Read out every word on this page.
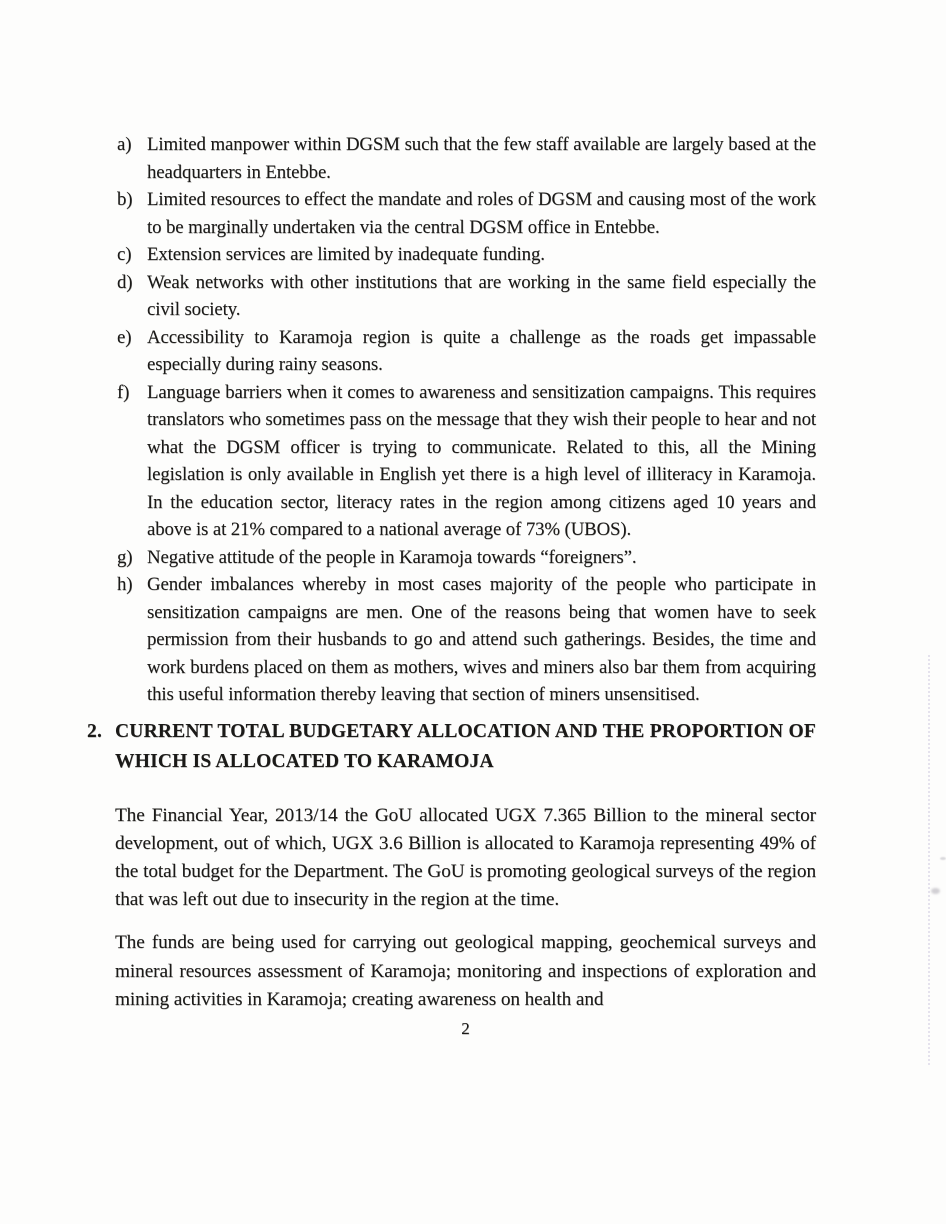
a) Limited manpower within DGSM such that the few staff available are largely based at the headquarters in Entebbe.
b) Limited resources to effect the mandate and roles of DGSM and causing most of the work to be marginally undertaken via the central DGSM office in Entebbe.
c) Extension services are limited by inadequate funding.
d) Weak networks with other institutions that are working in the same field especially the civil society.
e) Accessibility to Karamoja region is quite a challenge as the roads get impassable especially during rainy seasons.
f) Language barriers when it comes to awareness and sensitization campaigns. This requires translators who sometimes pass on the message that they wish their people to hear and not what the DGSM officer is trying to communicate. Related to this, all the Mining legislation is only available in English yet there is a high level of illiteracy in Karamoja. In the education sector, literacy rates in the region among citizens aged 10 years and above is at 21% compared to a national average of 73% (UBOS).
g) Negative attitude of the people in Karamoja towards “foreigners”.
h) Gender imbalances whereby in most cases majority of the people who participate in sensitization campaigns are men. One of the reasons being that women have to seek permission from their husbands to go and attend such gatherings. Besides, the time and work burdens placed on them as mothers, wives and miners also bar them from acquiring this useful information thereby leaving that section of miners unsensitised.
2. CURRENT TOTAL BUDGETARY ALLOCATION AND THE PROPORTION OF
WHICH IS ALLOCATED TO KARAMOJA

The Financial Year, 2013/14 the GoU allocated UGX 7.365 Billion to the mineral sector development, out of which, UGX 3.6 Billion is allocated to Karamoja representing 49% of the total budget for the Department. The GoU is promoting geological surveys of the region that was left out due to insecurity in the region at the time.

The funds are being used for carrying out geological mapping, geochemical surveys and mineral resources assessment of Karamoja; monitoring and inspections of exploration and mining activities in Karamoja; creating awareness on health and

2
